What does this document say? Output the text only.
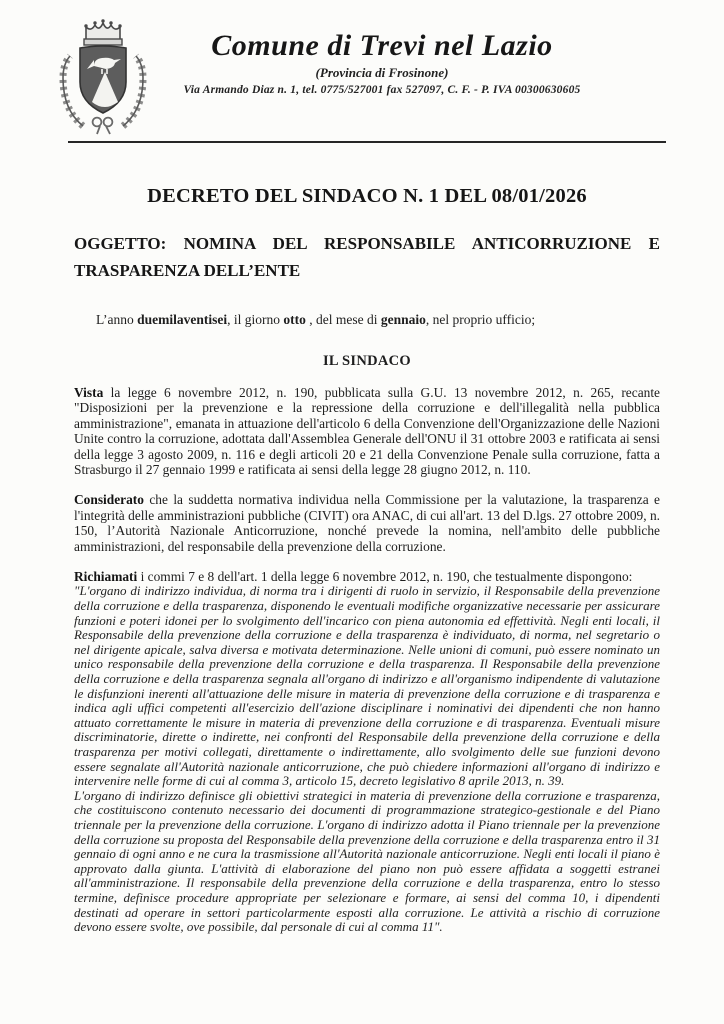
Comune di Trevi nel Lazio
(Provincia di Frosinone)
Via Armando Diaz n. 1, tel. 0775/527001 fax 527097, C. F. - P. IVA 00300630605
DECRETO DEL SINDACO N. 1 DEL 08/01/2026

OGGETTO: NOMINA DEL RESPONSABILE ANTICORRUZIONE E
TRASPARENZA DELL’ENTE

L’anno duemilaventisei, il giorno otto , del mese di gennaio, nel proprio ufficio;

IL SINDACO

Vista la legge 6 novembre 2012, n. 190, pubblicata sulla G.U. 13 novembre 2012, n. 265, recante "Disposizioni per la prevenzione e la repressione della corruzione e dell'illegalità nella pubblica amministrazione", emanata in attuazione dell'articolo 6 della Convenzione dell'Organizzazione delle Nazioni Unite contro la corruzione, adottata dall'Assemblea Generale dell'ONU il 31 ottobre 2003 e ratificata ai sensi della legge 3 agosto 2009, n. 116 e degli articoli 20 e 21 della Convenzione Penale sulla corruzione, fatta a Strasburgo il 27 gennaio 1999 e ratificata ai sensi della legge 28 giugno 2012, n. 110.

Considerato che la suddetta normativa individua nella Commissione per la valutazione, la trasparenza e l'integrità delle amministrazioni pubbliche (CIVIT) ora ANAC, di cui all'art. 13 del D.lgs. 27 ottobre 2009, n. 150, l’Autorità Nazionale Anticorruzione, nonché prevede la nomina, nell'ambito delle pubbliche amministrazioni, del responsabile della prevenzione della corruzione.

Richiamati i commi 7 e 8 dell'art. 1 della legge 6 novembre 2012, n. 190, che testualmente dispongono:

"L'organo di indirizzo individua, di norma tra i dirigenti di ruolo in servizio, il Responsabile della prevenzione della corruzione e della trasparenza, disponendo le eventuali modifiche organizzative necessarie per assicurare funzioni e poteri idonei per lo svolgimento dell'incarico con piena autonomia ed effettività. Negli enti locali, il Responsabile della prevenzione della corruzione e della trasparenza è individuato, di norma, nel segretario o nel dirigente apicale, salva diversa e motivata determinazione. Nelle unioni di comuni, può essere nominato un unico responsabile della prevenzione della corruzione e della trasparenza. Il Responsabile della prevenzione della corruzione e della trasparenza segnala all'organo di indirizzo e all'organismo indipendente di valutazione le disfunzioni inerenti all'attuazione delle misure in materia di prevenzione della corruzione e di trasparenza e indica agli uffici competenti all'esercizio dell'azione disciplinare i nominativi dei dipendenti che non hanno attuato correttamente le misure in materia di prevenzione della corruzione e di trasparenza. Eventuali misure discriminatorie, dirette o indirette, nei confronti del Responsabile della prevenzione della corruzione e della trasparenza per motivi collegati, direttamente o indirettamente, allo svolgimento delle sue funzioni devono essere segnalate all'Autorità nazionale anticorruzione, che può chiedere informazioni all'organo di indirizzo e intervenire nelle forme di cui al comma 3, articolo 15, decreto legislativo 8 aprile 2013, n. 39.

L'organo di indirizzo definisce gli obiettivi strategici in materia di prevenzione della corruzione e trasparenza, che costituiscono contenuto necessario dei documenti di programmazione strategico-gestionale e del Piano triennale per la prevenzione della corruzione. L'organo di indirizzo adotta il Piano triennale per la prevenzione della corruzione su proposta del Responsabile della prevenzione della corruzione e della trasparenza entro il 31 gennaio di ogni anno e ne cura la trasmissione all'Autorità nazionale anticorruzione. Negli enti locali il piano è approvato dalla giunta. L'attività di elaborazione del piano non può essere affidata a soggetti estranei all'amministrazione. Il responsabile della prevenzione della corruzione e della trasparenza, entro lo stesso termine, definisce procedure appropriate per selezionare e formare, ai sensi del comma 10, i dipendenti destinati ad operare in settori particolarmente esposti alla corruzione. Le attività a rischio di corruzione devono essere svolte, ove possibile, dal personale di cui al comma 11".
